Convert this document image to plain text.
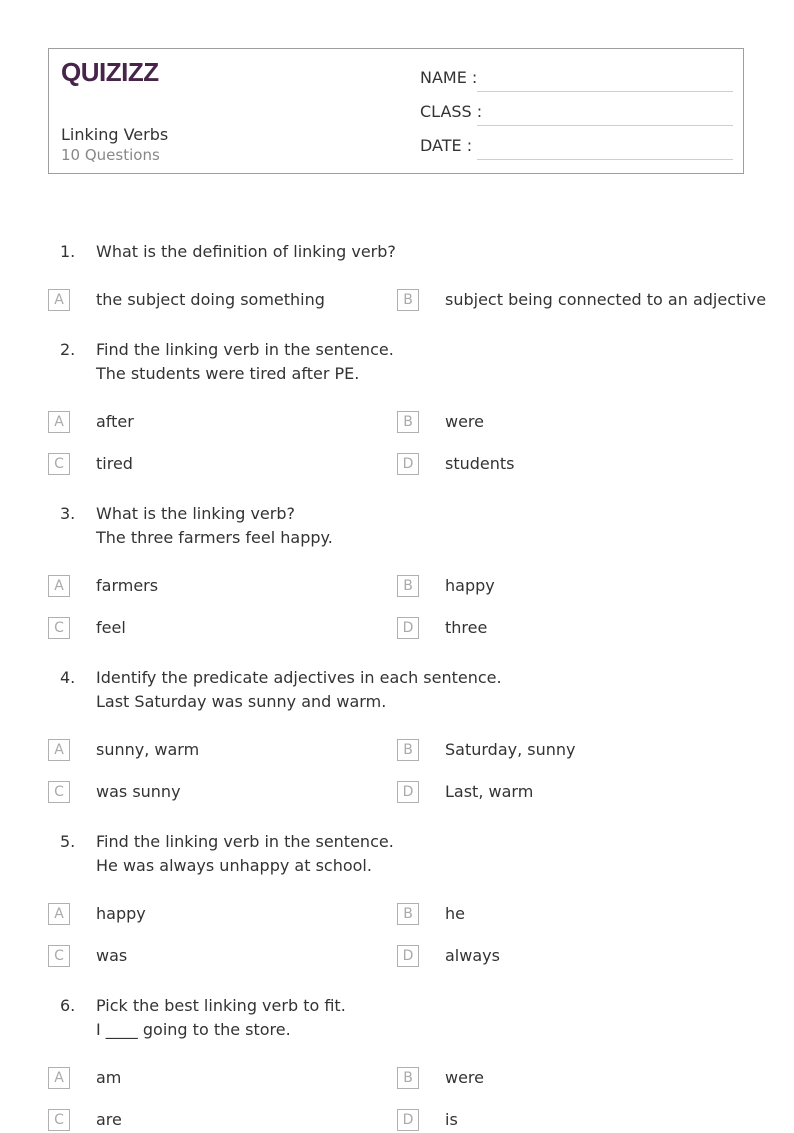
QUIZIZZ
Linking Verbs
10 Questions
NAME :
CLASS :
DATE :
1. What is the definition of linking verb?
A	the subject doing something	B	subject being connected to an adjective
2. Find the linking verb in the sentence.
The students were tired after PE.
A	after	B	were
C	tired	D	students
3. What is the linking verb?
The three farmers feel happy.
A	farmers	B	happy
C	feel	D	three
4. Identify the predicate adjectives in each sentence.
Last Saturday was sunny and warm.
A	sunny, warm	B	Saturday, sunny
C	was sunny	D	Last, warm
5. Find the linking verb in the sentence.
He was always unhappy at school.
A	happy	B	he
C	was	D	always
6. Pick the best linking verb to fit.
I ____ going to the store.
A	am	B	were
C	are	D	is
